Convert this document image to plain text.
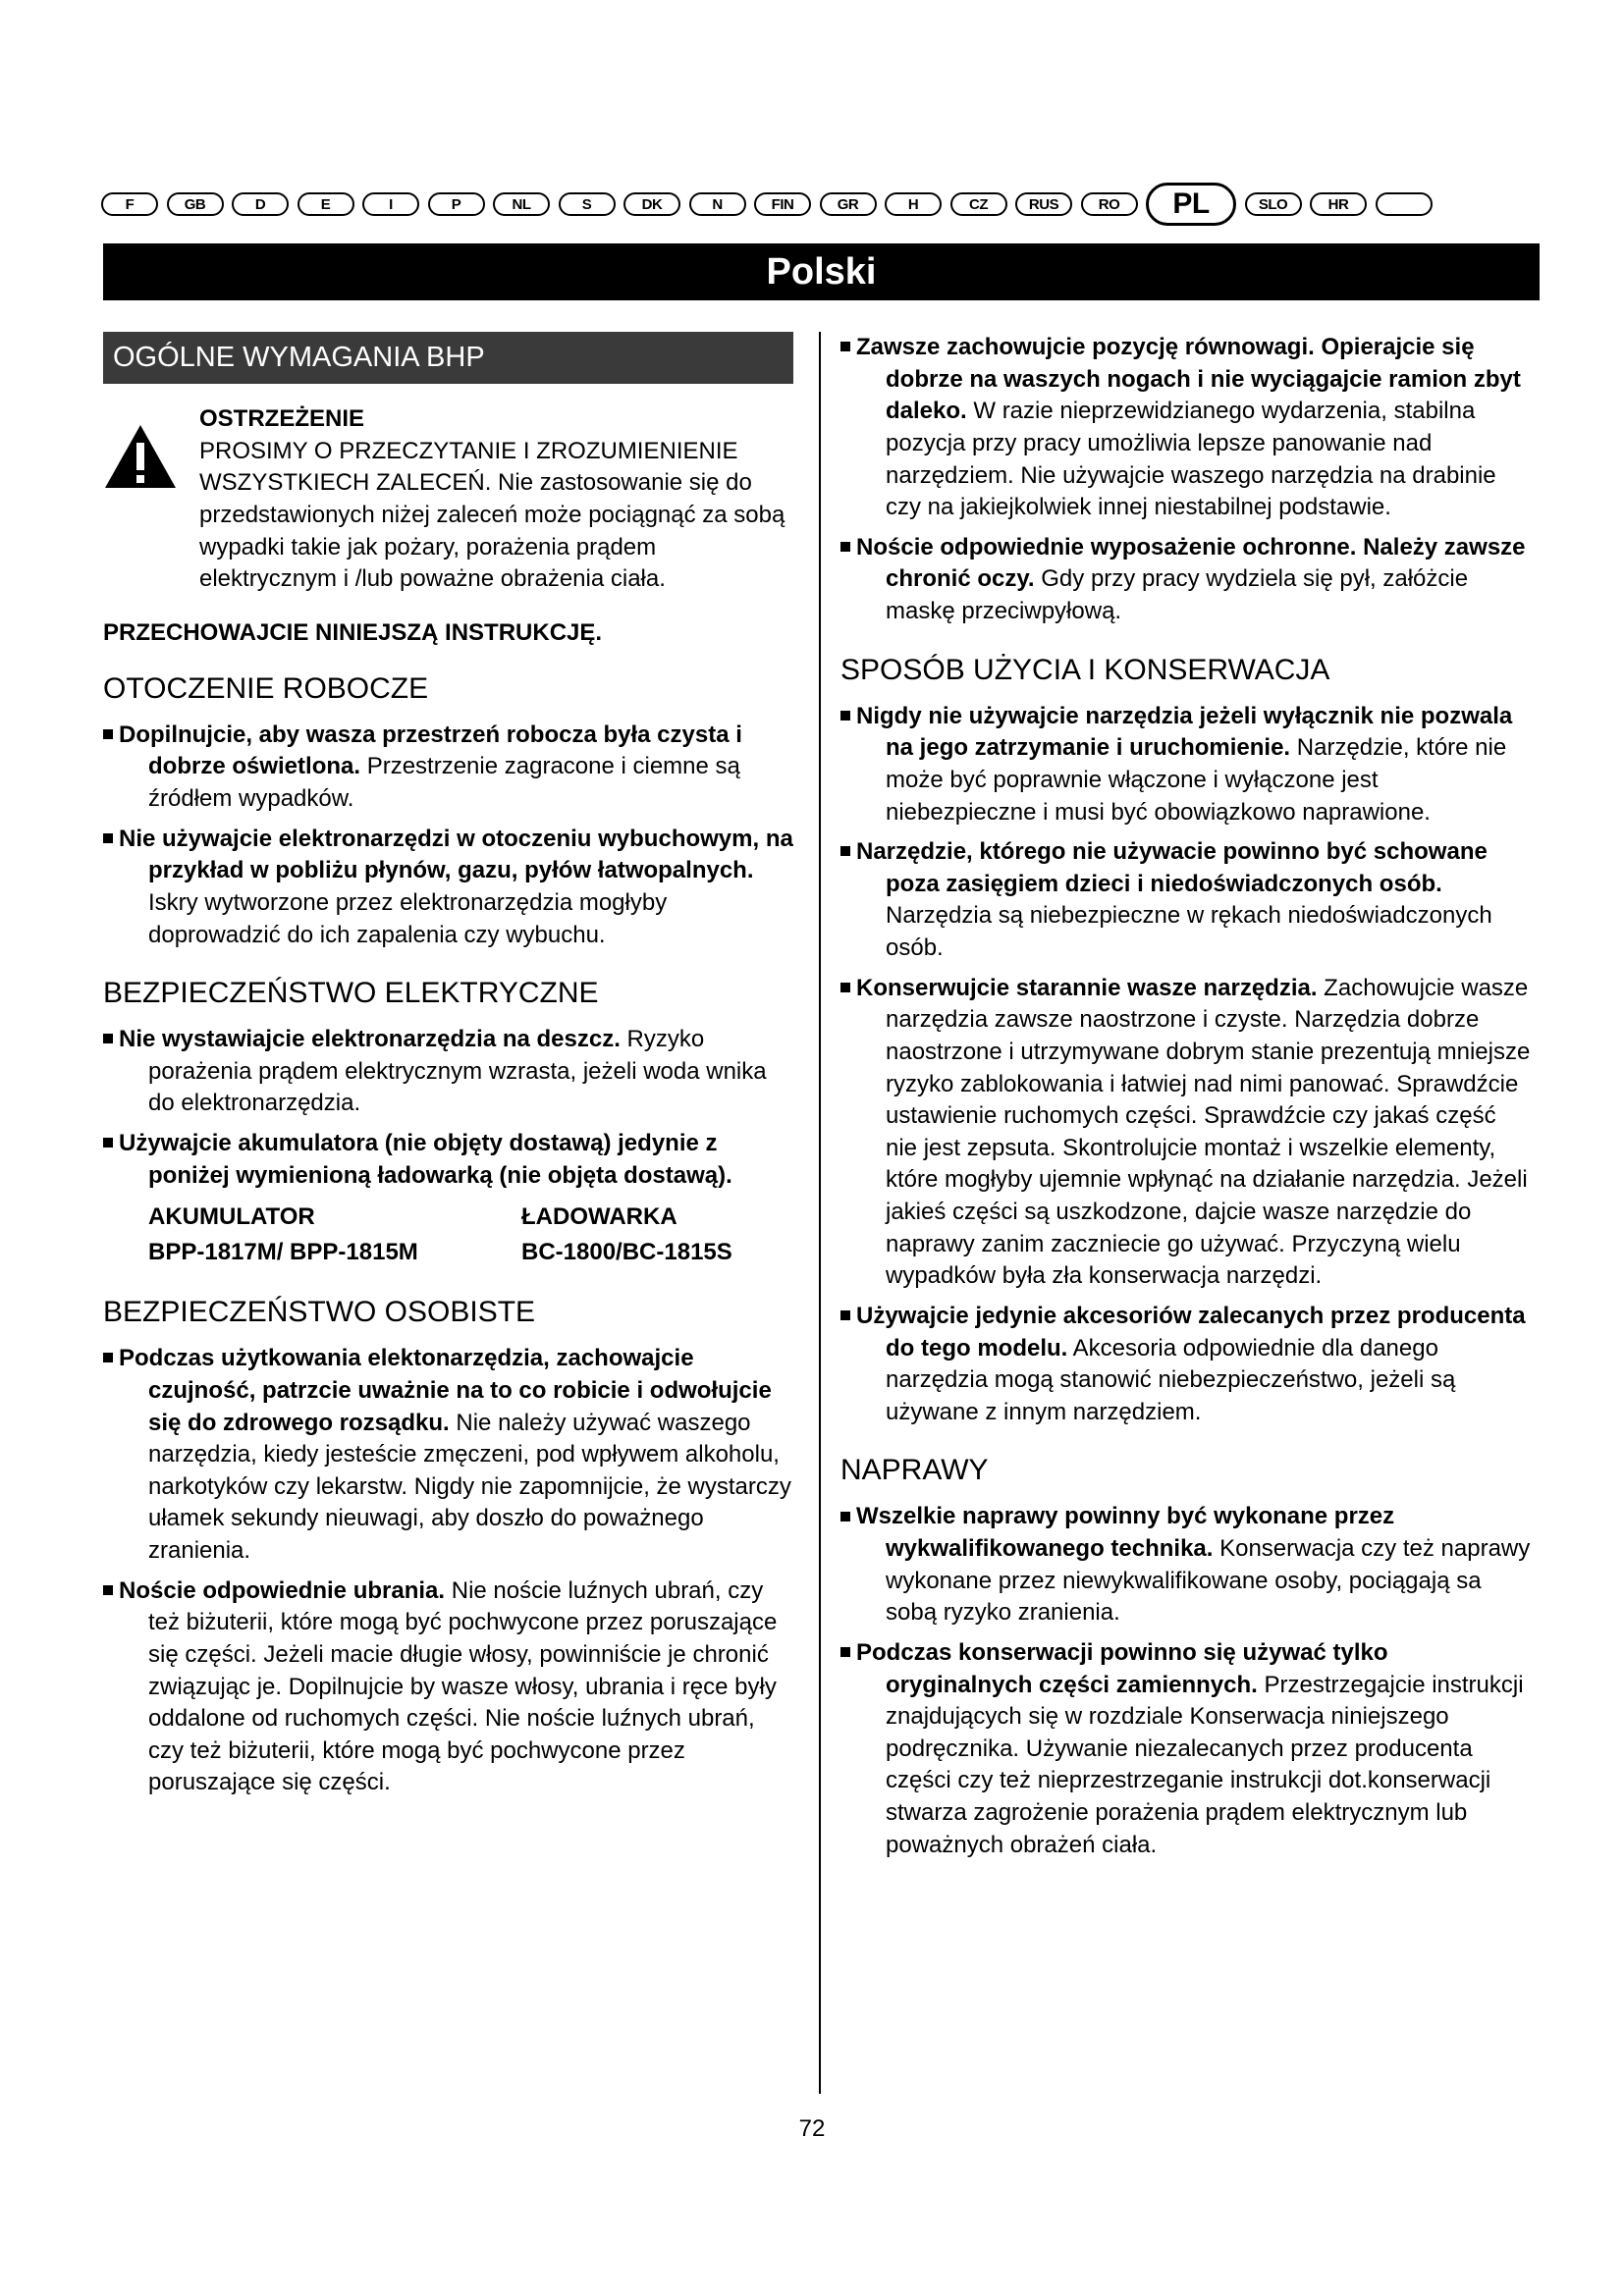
F	GB	D	E	I	P	NL	S	DK	N	FIN	GR	H	CZ	RUS	RO	PL	SLO	HR
Polski
OGÓLNE WYMAGANIA BHP
OSTRZEŻENIE
PROSIMY O PRZECZYTANIE I ZROZUMIENIENIE WSZYSTKIECH ZALECEŃ. Nie zastosowanie się do przedstawionych niżej zaleceń może pociągnąć za sobą wypadki takie jak pożary, porażenia prądem elektrycznym i /lub poważne obrażenia ciała.
PRZECHOWAJCIE NINIEJSZĄ INSTRUKCJĘ.
OTOCZENIE ROBOCZE
Dopilnujcie, aby wasza przestrzeń robocza była czysta i dobrze oświetlona. Przestrzenie zagracone i ciemne są źródłem wypadków.
Nie używajcie elektronarzędzi w otoczeniu wybuchowym, na przykład w pobliżu płynów, gazu, pyłów łatwopalnych. Iskry wytworzone przez elektronarzędzia mogłyby doprowadzić do ich zapalenia czy wybuchu.
BEZPIECZEŃSTWO ELEKTRYCZNE
Nie wystawiajcie elektronarzędzia na deszcz. Ryzyko porażenia prądem elektrycznym wzrasta, jeżeli woda wnika do elektronarzędzia.
Używajcie akumulatora (nie objęty dostawą) jedynie z poniżej wymienioną ładowarką (nie objęta dostawą).
AKUMULATOR	ŁADOWARKA
BPP-1817M/ BPP-1815M	BC-1800/BC-1815S
BEZPIECZEŃSTWO OSOBISTE
Podczas użytkowania elektonarzędzia, zachowajcie czujność, patrzcie uważnie na to co robicie i odwołujcie się do zdrowego rozsądku. Nie należy używać waszego narzędzia, kiedy jesteście zmęczeni, pod wpływem alkoholu, narkotyków czy lekarstw. Nigdy nie zapomnijcie, że wystarczy ułamek sekundy nieuwagi, aby doszło do poważnego zranienia.
Noście odpowiednie ubrania. Nie noście luźnych ubrań, czy też biżuterii, które mogą być pochwycone przez poruszające się części. Jeżeli macie długie włosy, powinniście je chronić związując je. Dopilnujcie by wasze włosy, ubrania i ręce były oddalone od ruchomych części. Nie noście luźnych ubrań, czy też biżuterii, które mogą być pochwycone przez poruszające się części.
Zawsze zachowujcie pozycję równowagi. Opierajcie się dobrze na waszych nogach i nie wyciągajcie ramion zbyt daleko. W razie nieprzewidzianego wydarzenia, stabilna pozycja przy pracy umożliwia lepsze panowanie nad narzędziem. Nie używajcie waszego narzędzia na drabinie czy na jakiejkolwiek innej niestabilnej podstawie.
Noście odpowiednie wyposażenie ochronne. Należy zawsze chronić oczy. Gdy przy pracy wydziela się pył, załóżcie maskę przeciwpyłową.
SPOSÓB UŻYCIA I KONSERWACJA
Nigdy nie używajcie narzędzia jeżeli wyłącznik nie pozwala na jego zatrzymanie i uruchomienie. Narzędzie, które nie może być poprawnie włączone i wyłączone jest niebezpieczne i musi być obowiązkowo naprawione.
Narzędzie, którego nie używacie powinno być schowane poza zasięgiem dzieci i niedoświadczonych osób. Narzędzia są niebezpieczne w rękach niedoświadczonych osób.
Konserwujcie starannie wasze narzędzia. Zachowujcie wasze narzędzia zawsze naostrzone i czyste. Narzędzia dobrze naostrzone i utrzymywane dobrym stanie prezentują mniejsze ryzyko zablokowania i łatwiej nad nimi panować. Sprawdźcie ustawienie ruchomych części. Sprawdźcie czy jakaś część nie jest zepsuta. Skontrolujcie montaż i wszelkie elementy, które mogłyby ujemnie wpłynąć na działanie narzędzia. Jeżeli jakieś części są uszkodzone, dajcie wasze narzędzie do naprawy zanim zaczniecie go używać. Przyczyną wielu wypadków była zła konserwacja narzędzi.
Używajcie jedynie akcesoriów zalecanych przez producenta do tego modelu. Akcesoria odpowiednie dla danego narzędzia mogą stanowić niebezpieczeństwo, jeżeli są używane z innym narzędziem.
NAPRAWY
Wszelkie naprawy powinny być wykonane przez wykwalifikowanego technika. Konserwacja czy też naprawy wykonane przez niewykwalifikowane osoby, pociągają sa sobą ryzyko zranienia.
Podczas konserwacji powinno się używać tylko oryginalnych części zamiennych. Przestrzegajcie instrukcji znajdujących się w rozdziale Konserwacja niniejszego podręcznika. Używanie niezalecanych przez producenta części czy też nieprzestrzeganie instrukcji dot.konserwacji stwarza zagrożenie porażenia prądem elektrycznym lub poważnych obrażeń ciała.
72
